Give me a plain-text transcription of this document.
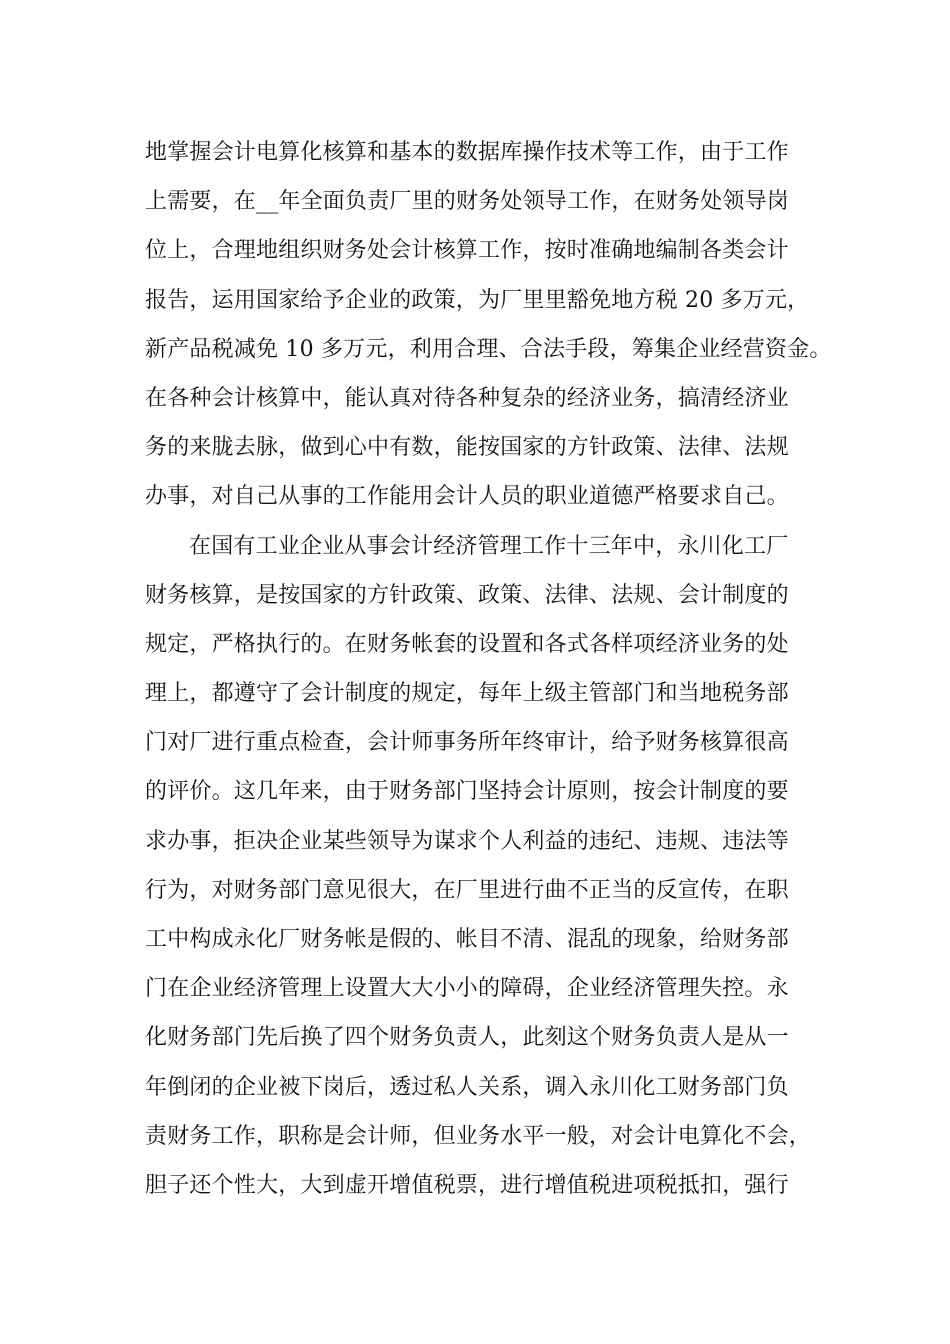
地掌握会计电算化核算和基本的数据库操作技术等工作，由于工作
上需要，在__年全面负责厂里的财务处领导工作，在财务处领导岗
位上，合理地组织财务处会计核算工作，按时准确地编制各类会计
报告，运用国家给予企业的政策，为厂里里豁免地方税 20 多万元，
新产品税减免 10 多万元，利用合理、合法手段，筹集企业经营资金。
在各种会计核算中，能认真对待各种复杂的经济业务，搞清经济业
务的来胧去脉，做到心中有数，能按国家的方针政策、法律、法规
办事，对自己从事的工作能用会计人员的职业道德严格要求自己。
在国有工业企业从事会计经济管理工作十三年中，永川化工厂
财务核算，是按国家的方针政策、政策、法律、法规、会计制度的
规定，严格执行的。在财务帐套的设置和各式各样项经济业务的处
理上，都遵守了会计制度的规定，每年上级主管部门和当地税务部
门对厂进行重点检查，会计师事务所年终审计，给予财务核算很高
的评价。这几年来，由于财务部门坚持会计原则，按会计制度的要
求办事，拒决企业某些领导为谋求个人利益的违纪、违规、违法等
行为，对财务部门意见很大，在厂里进行曲不正当的反宣传，在职
工中构成永化厂财务帐是假的、帐目不清、混乱的现象，给财务部
门在企业经济管理上设置大大小小的障碍，企业经济管理失控。永
化财务部门先后换了四个财务负责人，此刻这个财务负责人是从一
年倒闭的企业被下岗后，透过私人关系，调入永川化工财务部门负
责财务工作，职称是会计师，但业务水平一般，对会计电算化不会，
胆子还个性大，大到虚开增值税票，进行增值税进项税抵扣，强行
